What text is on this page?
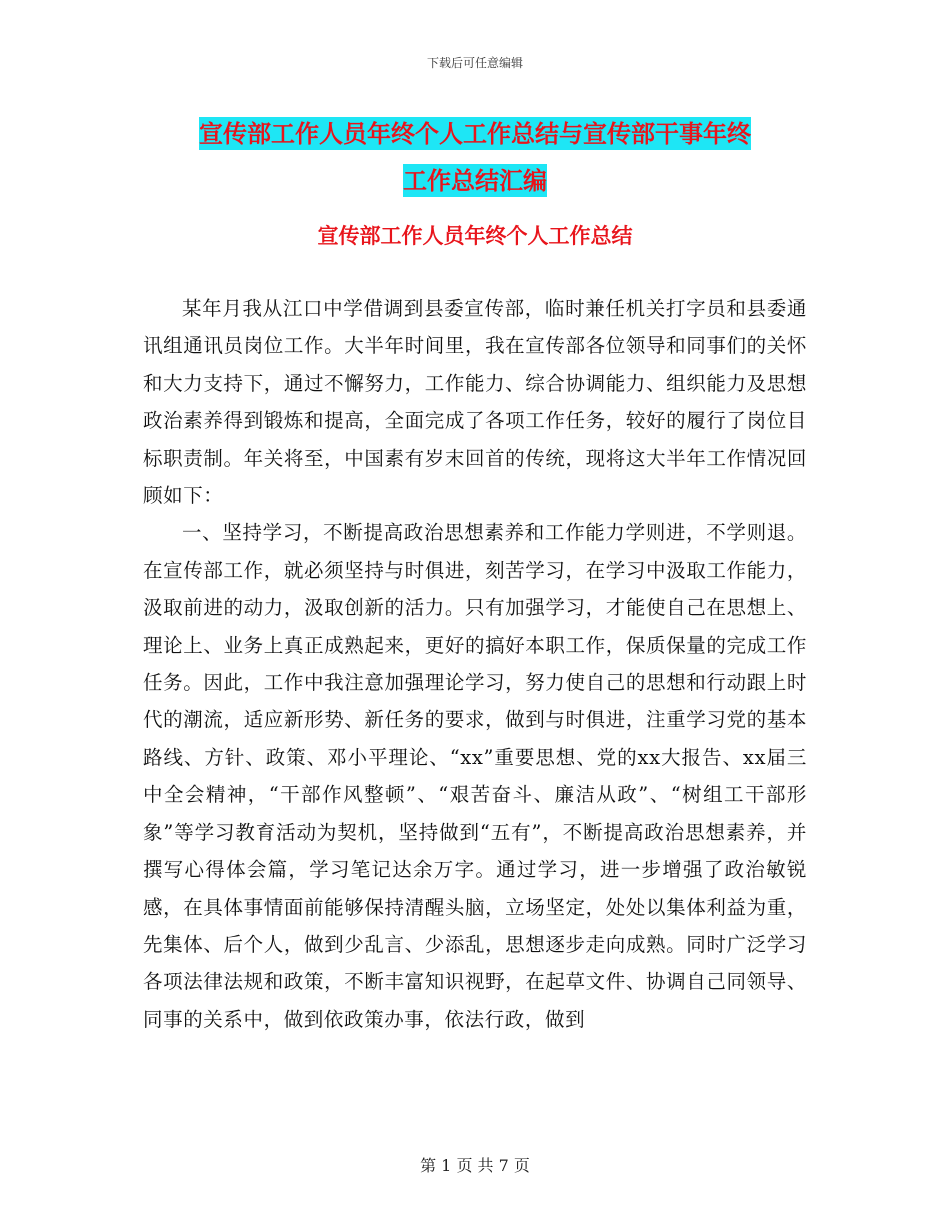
下载后可任意编辑
宣传部工作人员年终个人工作总结与宣传部干事年终
工作总结汇编
宣传部工作人员年终个人工作总结

某年月我从江口中学借调到县委宣传部，临时兼任机关打字员和县委通讯组通讯员岗位工作。大半年时间里，我在宣传部各位领导和同事们的关怀和大力支持下，通过不懈努力，工作能力、综合协调能力、组织能力及思想政治素养得到锻炼和提高，全面完成了各项工作任务，较好的履行了岗位目标职责制。年关将至，中国素有岁末回首的传统，现将这大半年工作情况回顾如下：

一、坚持学习，不断提高政治思想素养和工作能力学则进，不学则退。在宣传部工作，就必须坚持与时俱进，刻苦学习，在学习中汲取工作能力，汲取前进的动力，汲取创新的活力。只有加强学习，才能使自己在思想上、理论上、业务上真正成熟起来，更好的搞好本职工作，保质保量的完成工作任务。因此，工作中我注意加强理论学习，努力使自己的思想和行动跟上时代的潮流，适应新形势、新任务的要求，做到与时俱进，注重学习党的基本路线、方针、政策、邓小平理论、“xx”重要思想、党的xx大报告、xx届三中全会精神，“干部作风整顿”、“艰苦奋斗、廉洁从政”、“树组工干部形象”等学习教育活动为契机，坚持做到“五有”，不断提高政治思想素养，并撰写心得体会篇，学习笔记达余万字。通过学习，进一步增强了政治敏锐感，在具体事情面前能够保持清醒头脑，立场坚定，处处以集体利益为重，先集体、后个人，做到少乱言、少添乱，思想逐步走向成熟。同时广泛学习各项法律法规和政策，不断丰富知识视野，在起草文件、协调自己同领导、同事的关系中，做到依政策办事，依法行政，做到

第 1 页 共 7 页
